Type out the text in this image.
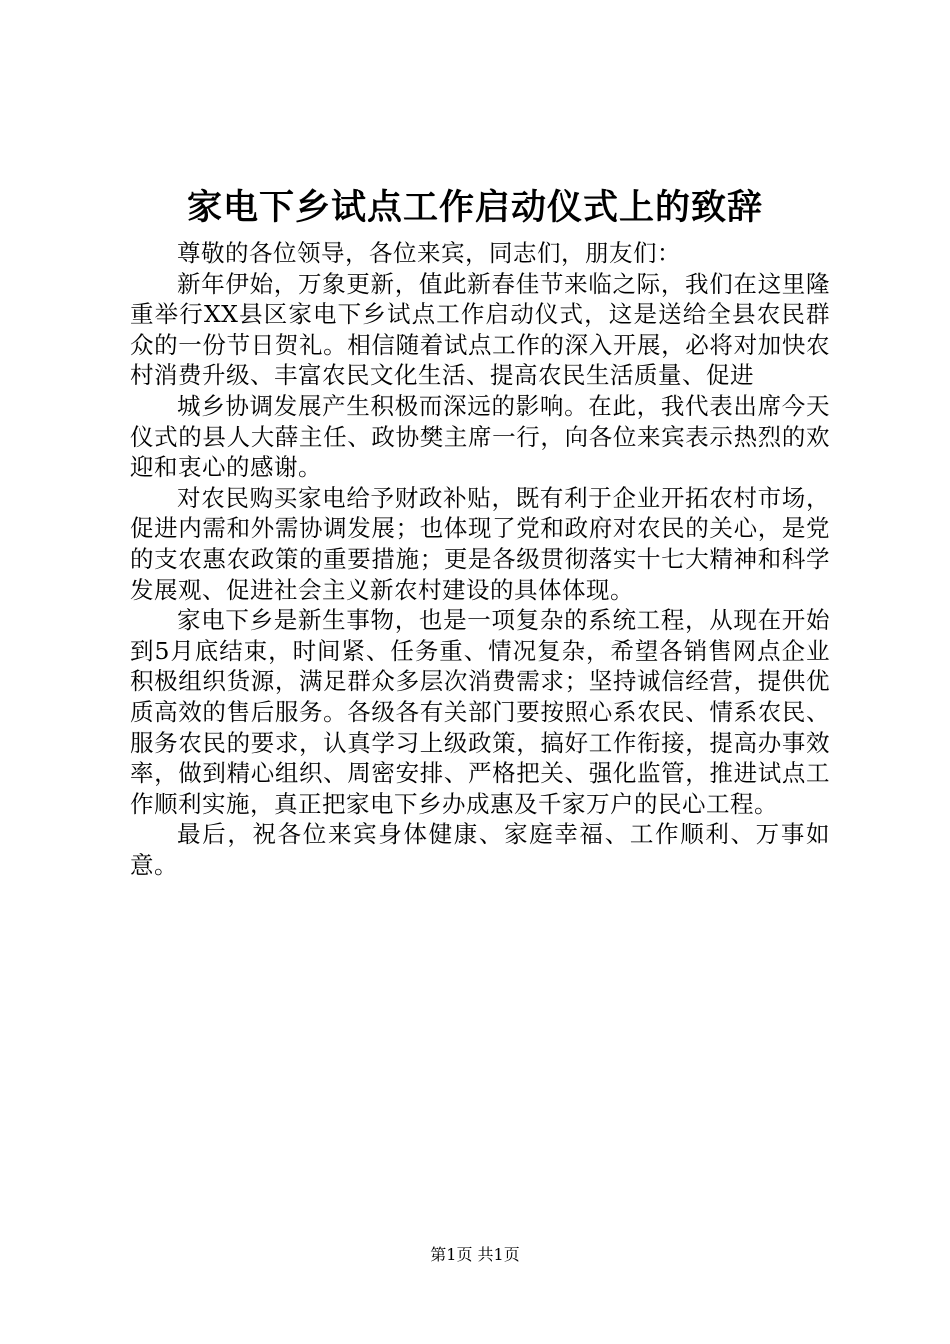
家电下乡试点工作启动仪式上的致辞

尊敬的各位领导，各位来宾，同志们，朋友们：

新年伊始，万象更新，值此新春佳节来临之际，我们在这里隆重举行XX县区家电下乡试点工作启动仪式，这是送给全县农民群众的一份节日贺礼。相信随着试点工作的深入开展，必将对加快农村消费升级、丰富农民文化生活、提高农民生活质量、促进

城乡协调发展产生积极而深远的影响。在此，我代表出席今天仪式的县人大薛主任、政协樊主席一行，向各位来宾表示热烈的欢迎和衷心的感谢。

对农民购买家电给予财政补贴，既有利于企业开拓农村市场，促进内需和外需协调发展；也体现了党和政府对农民的关心，是党的支农惠农政策的重要措施；更是各级贯彻落实十七大精神和科学发展观、促进社会主义新农村建设的具体体现。

家电下乡是新生事物，也是一项复杂的系统工程，从现在开始到5月底结束，时间紧、任务重、情况复杂，希望各销售网点企业积极组织货源，满足群众多层次消费需求；坚持诚信经营，提供优质高效的售后服务。各级各有关部门要按照心系农民、情系农民、服务农民的要求，认真学习上级政策，搞好工作衔接，提高办事效率，做到精心组织、周密安排、严格把关、强化监管，推进试点工作顺利实施，真正把家电下乡办成惠及千家万户的民心工程。

最后，祝各位来宾身体健康、家庭幸福、工作顺利、万事如意。

第1页 共1页
